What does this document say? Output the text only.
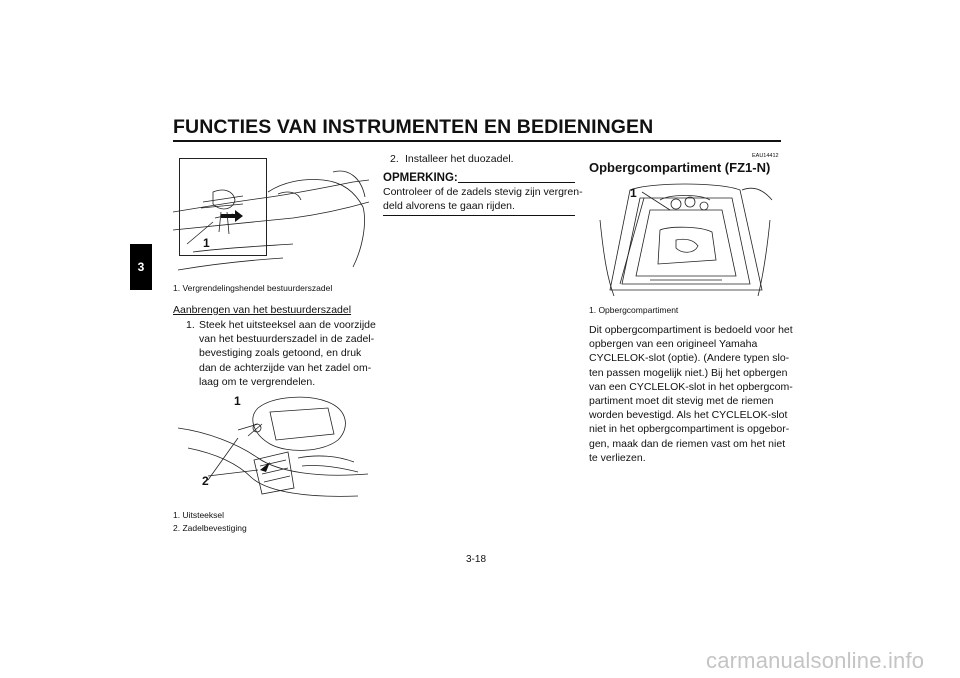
FUNCTIES VAN INSTRUMENTEN EN BEDIENINGEN
3
1
1. Vergrendelingshendel bestuurderszadel
Aanbrengen van het bestuurderszadel
1. Steek het uitsteeksel aan de voorzijde
van het bestuurderszadel in de zadel-
bevestiging zoals getoond, en druk
dan de achterzijde van het zadel om-
laag om te vergrendelen.
1
2
1. Uitsteeksel
2. Zadelbevestiging
2. Installeer het duozadel.
OPMERKING:
Controleer of de zadels stevig zijn vergren-
deld alvorens te gaan rijden.
EAU14412
Opbergcompartiment (FZ1-N)
1
1. Opbergcompartiment
Dit opbergcompartiment is bedoeld voor het
opbergen van een origineel Yamaha
CYCLELOK-slot (optie). (Andere typen slo-
ten passen mogelijk niet.) Bij het opbergen
van een CYCLELOK-slot in het opbergcom-
partiment moet dit stevig met de riemen
worden bevestigd. Als het CYCLELOK-slot
niet in het opbergcompartiment is opgebor-
gen, maak dan de riemen vast om het niet
te verliezen.
3-18
carmanualsonline.info
